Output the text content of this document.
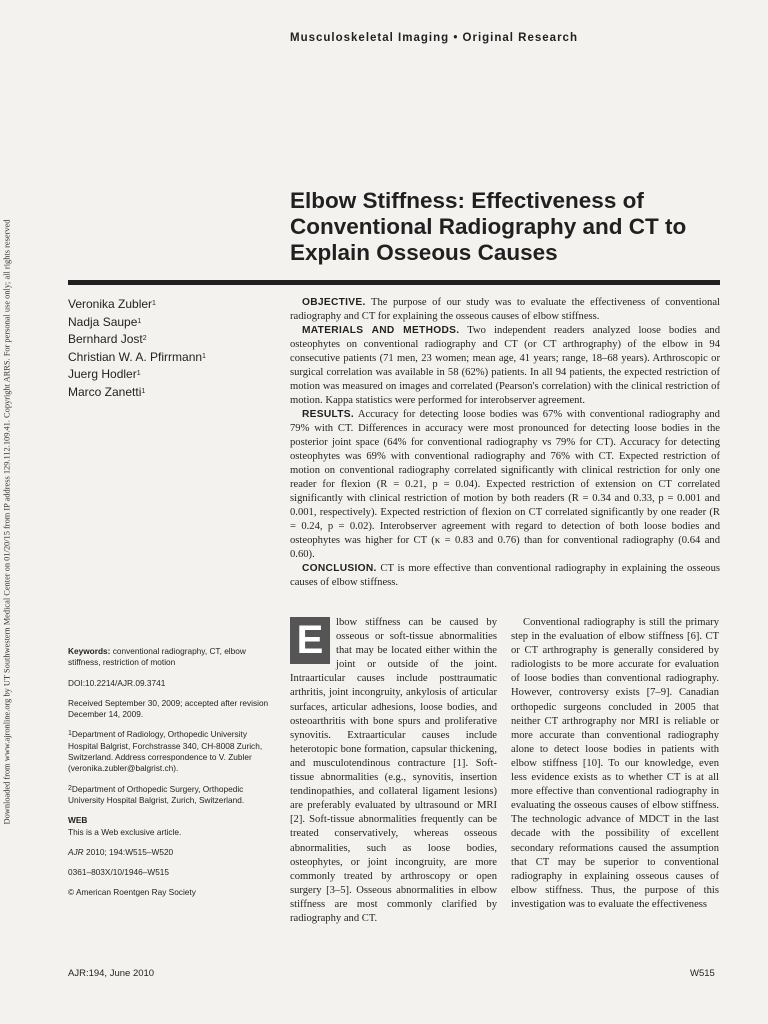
Downloaded from www.ajronline.org by UT Southwestern Medical Center on 01/20/15 from IP address 129.112.109.41. Copyright ARRS. For personal use only; all rights reserved
Musculoskeletal Imaging • Original Research
Elbow Stiffness: Effectiveness of Conventional Radiography and CT to Explain Osseous Causes
Veronika Zubler$^1$
Nadja Saupe$^1$
Bernhard Jost$^2$
Christian W. A. Pfirrmann$^1$
Juerg Hodler$^1$
Marco Zanetti$^1$

OBJECTIVE. The purpose of our study was to evaluate the effectiveness of conventional radiography and CT for explaining the osseous causes of elbow stiffness.

MATERIALS AND METHODS. Two independent readers analyzed loose bodies and osteophytes on conventional radiography and CT (or CT arthrography) of the elbow in 94 consecutive patients (71 men, 23 women; mean age, 41 years; range, 18–68 years). Arthroscopic or surgical correlation was available in 58 (62%) patients. In all 94 patients, the expected restriction of motion was measured on images and correlated (Pearson's correlation) with the clinical restriction of motion. Kappa statistics were performed for interobserver agreement.

RESULTS. Accuracy for detecting loose bodies was 67% with conventional radiography and 79% with CT. Differences in accuracy were most pronounced for detecting loose bodies in the posterior joint space (64% for conventional radiography vs 79% for CT). Accuracy for detecting osteophytes was 69% with conventional radiography and 76% with CT. Expected restriction of motion on conventional radiography correlated significantly with clinical restriction for only one reader for flexion (R = 0.21, p = 0.04). Expected restriction of extension on CT correlated significantly with clinical restriction of motion by both readers (R = 0.34 and 0.33, p = 0.001 and 0.001, respectively). Expected restriction of flexion on CT correlated significantly by one reader (R = 0.24, p = 0.02). Interobserver agreement with regard to detection of both loose bodies and osteophytes was higher for CT (κ = 0.83 and 0.76) than for conventional radiography (0.64 and 0.60).

CONCLUSION. CT is more effective than conventional radiography in explaining the osseous causes of elbow stiffness.

Keywords: conventional radiography, CT, elbow stiffness, restriction of motion
DOI:10.2214/AJR.09.3741
Received September 30, 2009; accepted after revision December 14, 2009.
$^1$Department of Radiology, Orthopedic University Hospital Balgrist, Forchstrasse 340, CH-8008 Zurich, Switzerland. Address correspondence to V. Zubler (veronika.zubler@balgrist.ch).
$^2$Department of Orthopedic Surgery, Orthopedic University Hospital Balgrist, Zurich, Switzerland.
WEB
This is a Web exclusive article.
AJR 2010; 194:W515–W520
0361–803X/10/1946–W515
© American Roentgen Ray Society
E	lbow stiffness can be caused by osseous or soft-tissue abnormalities that may be located either within the joint or outside of the joint. Intraarticular causes include posttraumatic arthritis, joint incongruity, ankylosis of articular surfaces, articular adhesions, loose bodies, and osteoarthritis with bone spurs and proliferative synovitis. Extraarticular causes include heterotopic bone formation, capsular thickening, and musculotendinous contracture [1]. Soft-tissue abnormalities (e.g., synovitis, insertion tendinopathies, and collateral ligament lesions) are preferably evaluated by ultrasound or MRI [2]. Soft-tissue abnormalities frequently can be treated conservatively, whereas osseous abnormalities, such as loose bodies, osteophytes, or joint incongruity, are more commonly treated by arthroscopy or open surgery [3–5]. Osseous abnormalities in elbow stiffness are most commonly clarified by radiography and CT.

Conventional radiography is still the primary step in the evaluation of elbow stiffness [6]. CT or CT arthrography is generally considered by radiologists to be more accurate for evaluation of loose bodies than conventional radiography. However, controversy exists [7–9]. Canadian orthopedic surgeons concluded in 2005 that neither CT arthrography nor MRI is reliable or more accurate than conventional radiography alone to detect loose bodies in patients with elbow stiffness [10]. To our knowledge, even less evidence exists as to whether CT is at all more effective than conventional radiography in evaluating the osseous causes of elbow stiffness. The technologic advance of MDCT in the last decade with the possibility of excellent secondary reformations caused the assumption that CT may be superior to conventional radiography in explaining osseous causes of elbow stiffness. Thus, the purpose of this investigation was to evaluate the effectiveness

AJR:194, June 2010	W515
